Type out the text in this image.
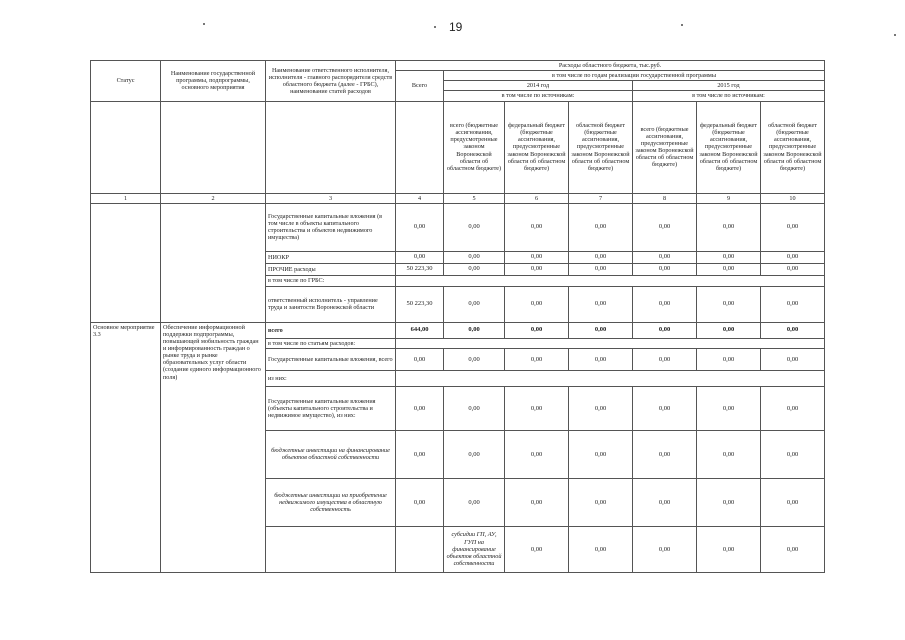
19
Статус	Наименование государственной программы, подпрограммы, основного мероприятия	Наименование ответственного исполнителя, исполнителя - главного распорядителя средств областного бюджета (далее - ГРБС), наименование статей расходов	Расходы областного бюджета, тыс.руб.							
			Всего	в том числе по годам реализации государственной программы						
				2014 год			2015 год			
				в том числе по источникам:			в том числе по источникам:			
				всего (бюджетные ассигнования, предусмотренные законом Воронежской области об областном бюджете)	федеральный бюджет (бюджетные ассигнования, предусмотренные законом Воронежской области об областном бюджете)	областной бюджет (бюджетные ассигнования, предусмотренные законом Воронежской области об областном бюджете)	всего (бюджетные ассигнования, предусмотренные законом Воронежской области об областном бюджете)	федеральный бюджет (бюджетные ассигнования, предусмотренные законом Воронежской области об областном бюджете)	областной бюджет (бюджетные ассигнования, предусмотренные законом Воронежской области об областном бюджете)	
1	2	3	4	5	6	7	8	9	10	
		Государственные капитальные вложения (в том числе в объекты капитального строительства и объектов недвижимого имущества)	0,00	0,00	0,00	0,00	0,00	0,00	0,00	
		НИОКР	0,00	0,00	0,00	0,00	0,00	0,00	0,00	
		ПРОЧИЕ расходы	50 223,30	0,00	0,00	0,00	0,00	0,00	0,00	
		в том числе по ГРБС:								
		ответственный исполнитель - управление труда и занятости Воронежской области	50 223,30	0,00	0,00	0,00	0,00	0,00	0,00	
Основное мероприятие 3.3	Обеспечение информационной поддержки подпрограммы, повышающей мобильность граждан и информированность граждан о рынке труда и рынке образовательных услуг области (создание единого информационного поля)	всего	644,00	0,00	0,00	0,00	0,00	0,00	0,00	
		в том числе по статьям расходов:								
		Государственные капитальные вложения, всего	0,00	0,00	0,00	0,00	0,00	0,00	0,00	
		из них:								
		Государственные капитальные вложения (объекты капитального строительства и недвижимое имущество), из них:	0,00	0,00	0,00	0,00	0,00	0,00	0,00	
		бюджетные инвестиции на финансирование объектов областной собственности	0,00	0,00	0,00	0,00	0,00	0,00	0,00	
		бюджетные инвестиции на приобретение недвижимого имущества в областную собственность	0,00	0,00	0,00	0,00	0,00	0,00	0,00	
				субсидии ГП, АУ, ГУП на финансирование объектов областной собственности	0,00	0,00	0,00	0,00	0,00		
